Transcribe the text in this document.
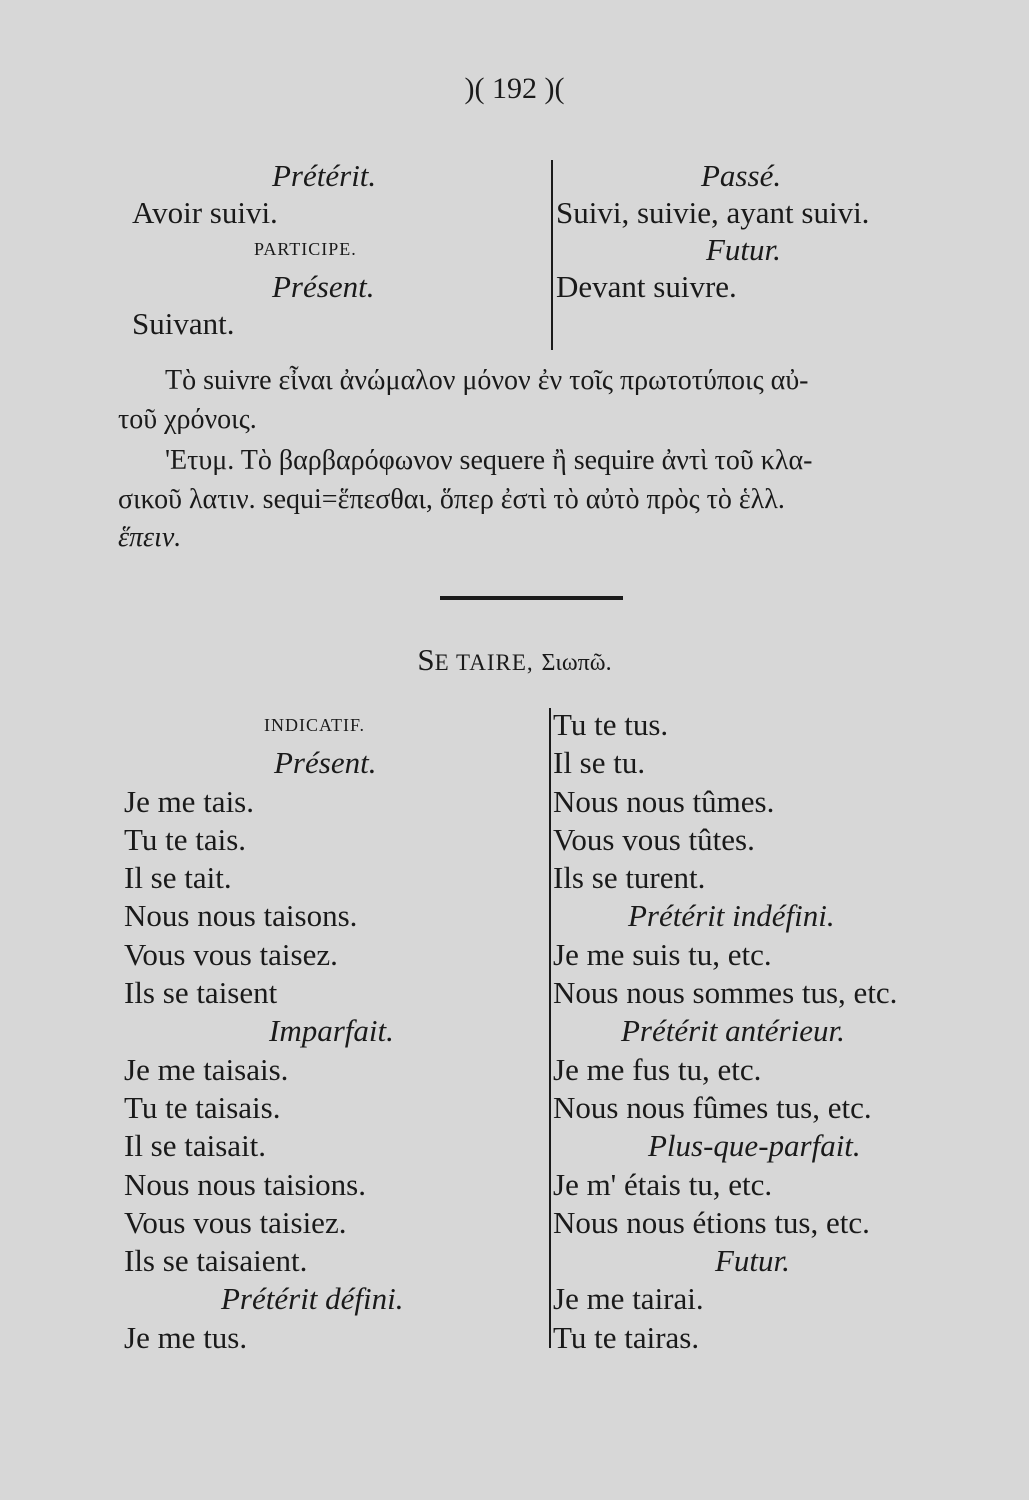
)( 192 )(
Prétérit.
Avoir suivi.
PARTICIPE.
Présent.
Suivant.
Passé.
Suivi, suivie, ayant suivi.
Futur.
Devant suivre.
Τὸ suivre εἶναι ἀνώμαλον μόνον ἐν τοῖς πρωτοτύποις αὐ-
τοῦ χρόνοις.
'Ετυμ. Τὸ βαρβαρόφωνον sequere ἢ sequire ἀντὶ τοῦ κλα-
σικοῦ λατιν. sequi=ἕπεσθαι, ὅπερ ἐστὶ τὸ αὐτὸ πρὸς τὸ ἑλλ.
ἕπειν.
SE TAIRE, Σιωπῶ.
INDICATIF.
Présent.
Je me tais.
Tu te tais.
Il se tait.
Nous nous taisons.
Vous vous taisez.
Ils se taisent
Imparfait.
Je me taisais.
Tu te taisais.
Il se taisait.
Nous nous taisions.
Vous vous taisiez.
Ils se taisaient.
Prétérit défini.
Je me tus.
Tu te tus.
Il se tu.
Nous nous tûmes.
Vous vous tûtes.
Ils se turent.
Prétérit indéfini.
Je me suis tu, etc.
Nous nous sommes tus, etc.
Prétérit antérieur.
Je me fus tu, etc.
Nous nous fûmes tus, etc.
Plus-que-parfait.
Je m' étais tu, etc.
Nous nous étions tus, etc.
Futur.
Je me tairai.
Tu te tairas.
